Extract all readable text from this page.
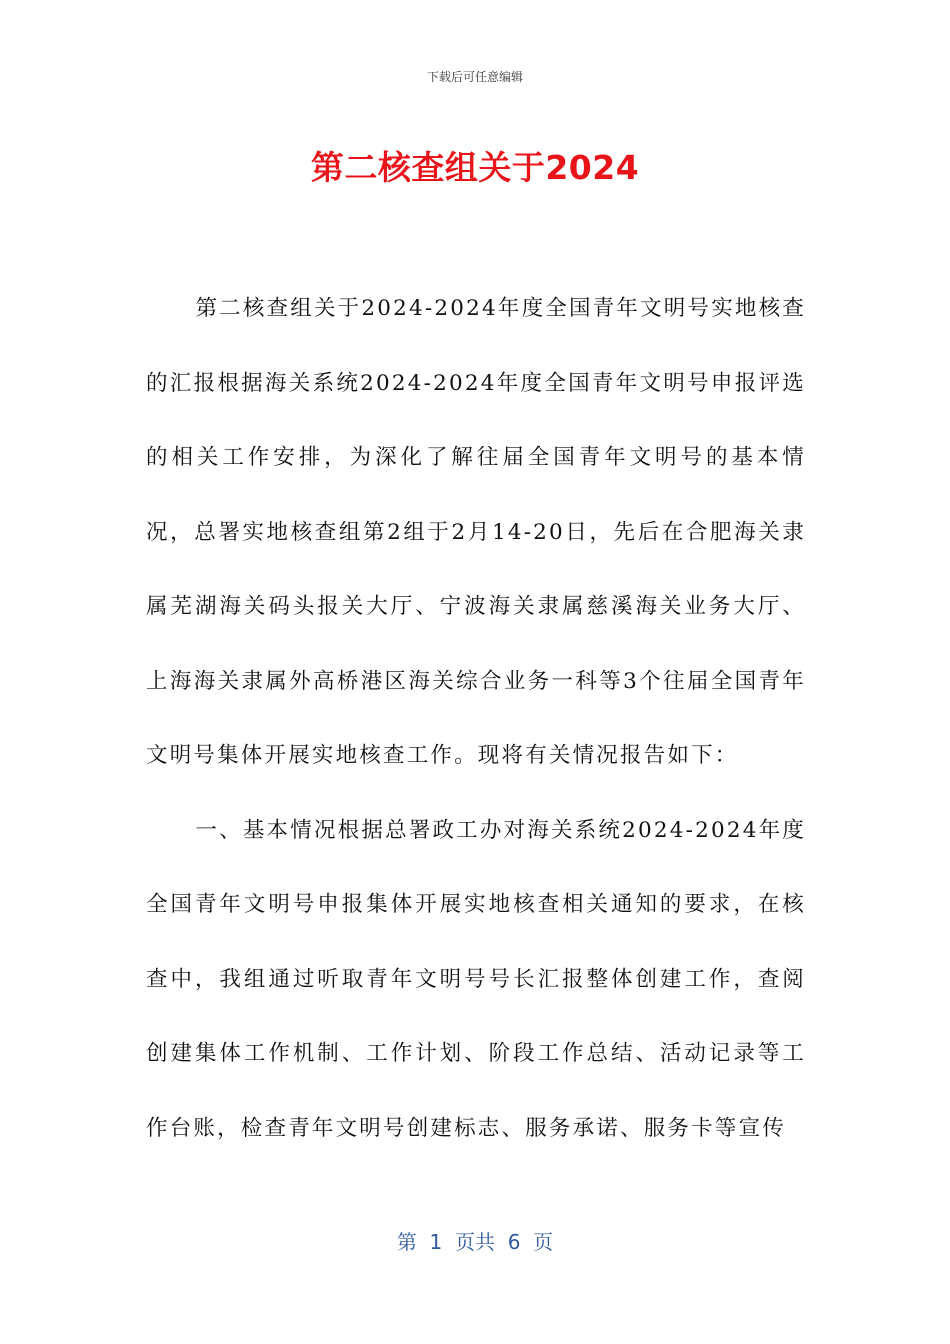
下载后可任意编辑
第二核查组关于2024

第二核查组关于2024-2024年度全国青年文明号实地核查的汇报根据海关系统2024-2024年度全国青年文明号申报评选的相关工作安排，为深化了解往届全国青年文明号的基本情况，总署实地核查组第2组于2月14-20日，先后在合肥海关隶属芜湖海关码头报关大厅、宁波海关隶属慈溪海关业务大厅、上海海关隶属外高桥港区海关综合业务一科等3个往届全国青年文明号集体开展实地核查工作。现将有关情况报告如下：

一、基本情况根据总署政工办对海关系统2024-2024年度全国青年文明号申报集体开展实地核查相关通知的要求，在核查中，我组通过听取青年文明号号长汇报整体创建工作，查阅创建集体工作机制、工作计划、阶段工作总结、活动记录等工作台账，检查青年文明号创建标志、服务承诺、服务卡等宣传

第  1  页共  6  页
